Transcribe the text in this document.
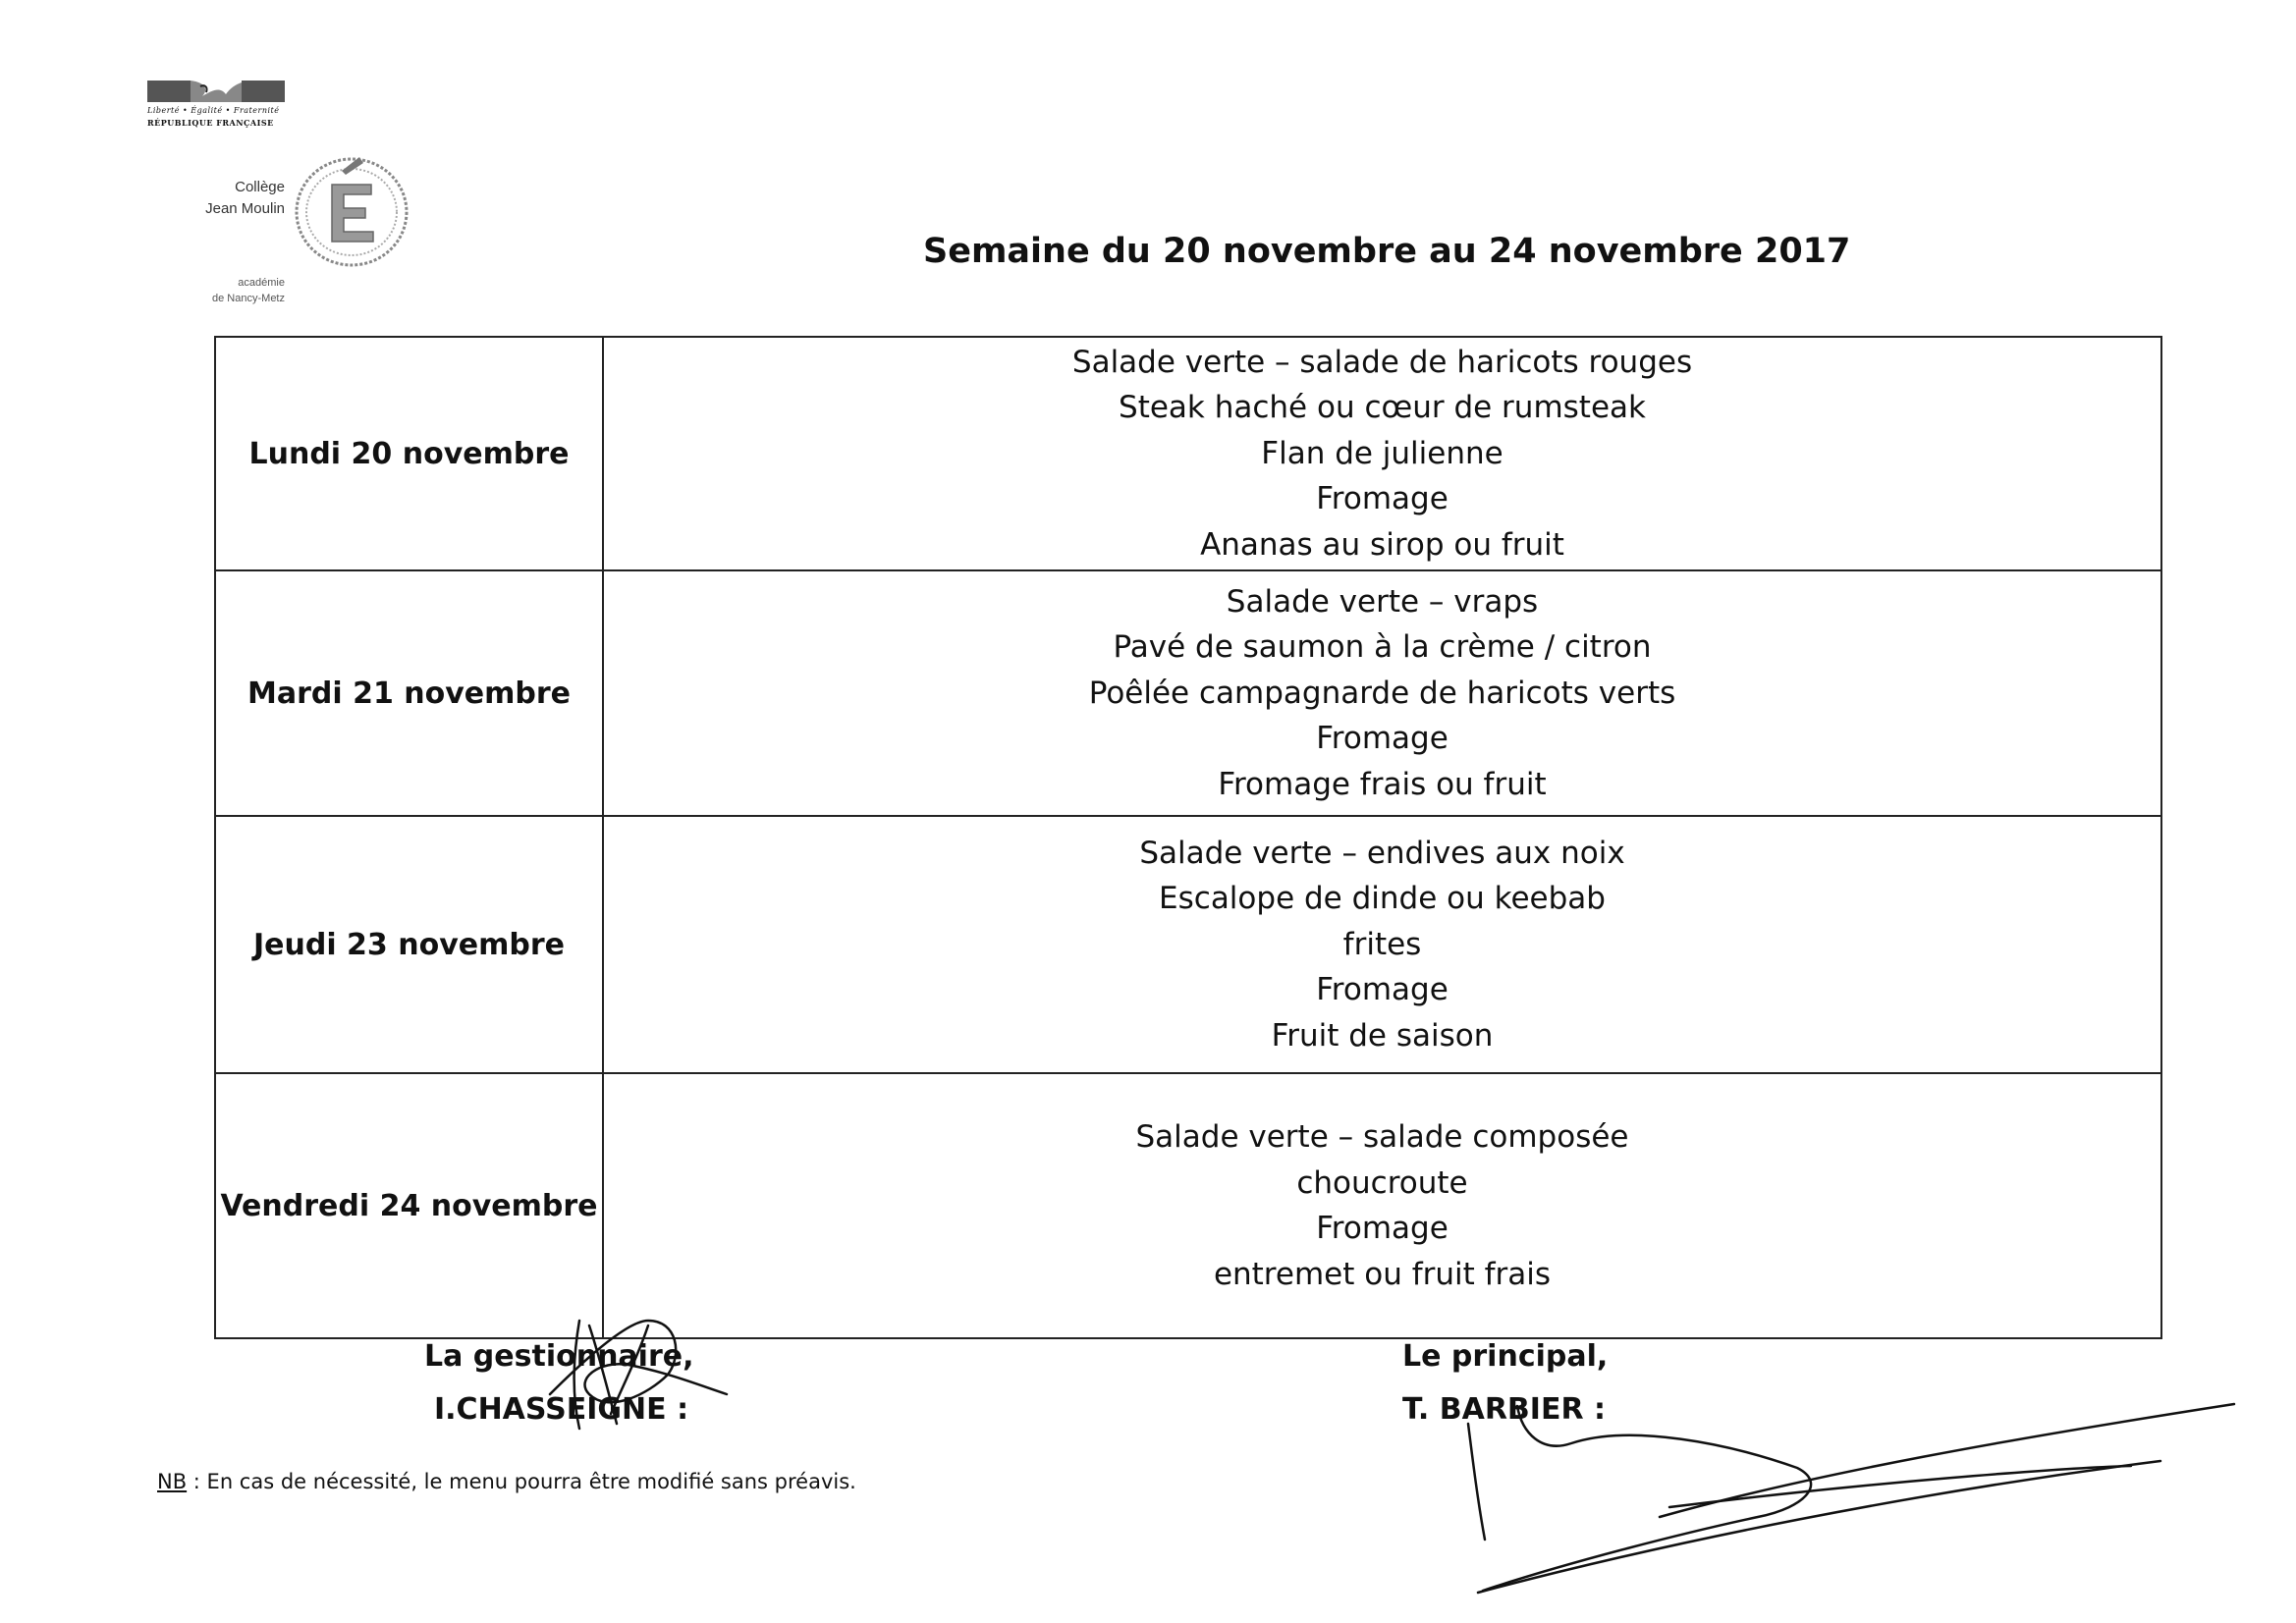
Liberté • Égalité • Fraternité
RÉPUBLIQUE FRANÇAISE
Collège
Jean Moulin
académie
de Nancy-Metz
Semaine du 20 novembre au 24 novembre 2017
Lundi 20 novembre
Salade verte – salade de haricots rouges
Steak haché ou cœur de rumsteak
Flan de julienne
Fromage
Ananas au sirop ou fruit
Mardi 21 novembre
Salade verte – vraps
Pavé de saumon à la crème / citron
Poêlée campagnarde de haricots verts
Fromage
Fromage frais ou fruit
Jeudi 23 novembre
Salade verte – endives aux noix
Escalope de dinde ou keebab
frites
Fromage
Fruit de saison
Vendredi 24 novembre
Salade verte – salade composée
choucroute
Fromage
entremet ou fruit frais
La gestionnaire,
I.CHASSEIGNE :
Le principal,
T. BARBIER :
NB : En cas de nécessité, le menu pourra être modifié sans préavis.
